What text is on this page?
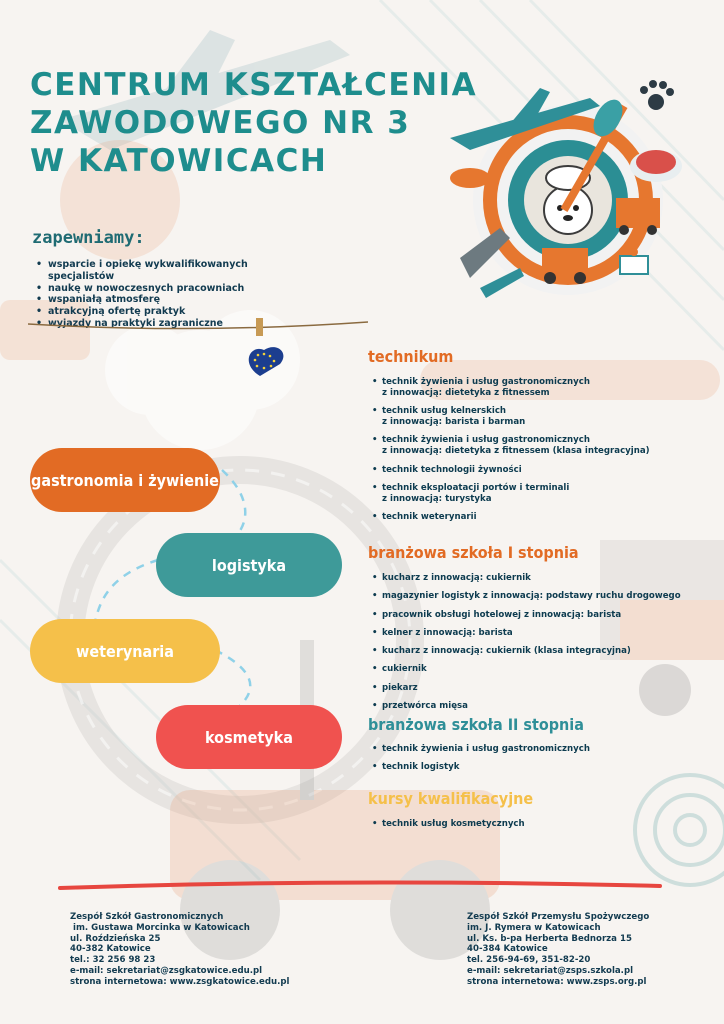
CENTRUM KSZTAŁCENIA
ZAWODOWEGO NR 3
W KATOWICACH
zapewniamy:
• wsparcie i opiekę wykwalifikowanych specjalistów
• naukę w nowoczesnych pracowniach
• wspaniałą atmosferę
• atrakcyjną ofertę praktyk
• wyjazdy na praktyki zagraniczne
gastronomia i żywienie
logistyka
weterynaria
kosmetyka
technikum
• technik żywienia i usług gastronomicznych
z innowacją: dietetyka z fitnessem
• technik usług kelnerskich
z innowacją: barista i barman
• technik żywienia i usług gastronomicznych
z innowacją: dietetyka z fitnessem (klasa integracyjna)
• technik technologii żywności
• technik eksploatacji portów i terminali
z innowacją: turystyka
• technik weterynarii
branżowa szkoła I stopnia
• kucharz z innowacją: cukiernik
• magazynier logistyk z innowacją: podstawy ruchu drogowego
• pracownik obsługi hotelowej z innowacją: barista
• kelner z innowacją: barista
• kucharz z innowacją: cukiernik (klasa integracyjna)
• cukiernik
• piekarz
• przetwórca mięsa
branżowa szkoła II stopnia
• technik żywienia i usług gastronomicznych
• technik logistyk
kursy kwalifikacyjne
• technik usług kosmetycznych
Zespół Szkół Gastronomicznych
im. Gustawa Morcinka w Katowicach
ul. Roździeńska 25
40-382 Katowice
tel.: 32 256 98 23
e-mail: sekretariat@zsgkatowice.edu.pl
strona internetowa: www.zsgkatowice.edu.pl
Zespół Szkół Przemysłu Spożywczego
im. J. Rymera w Katowicach
ul. Ks. b-pa Herberta Bednorza 15
40-384 Katowice
tel. 256-94-69, 351-82-20
e-mail: sekretariat@zsps.szkola.pl
strona internetowa: www.zsps.org.pl
